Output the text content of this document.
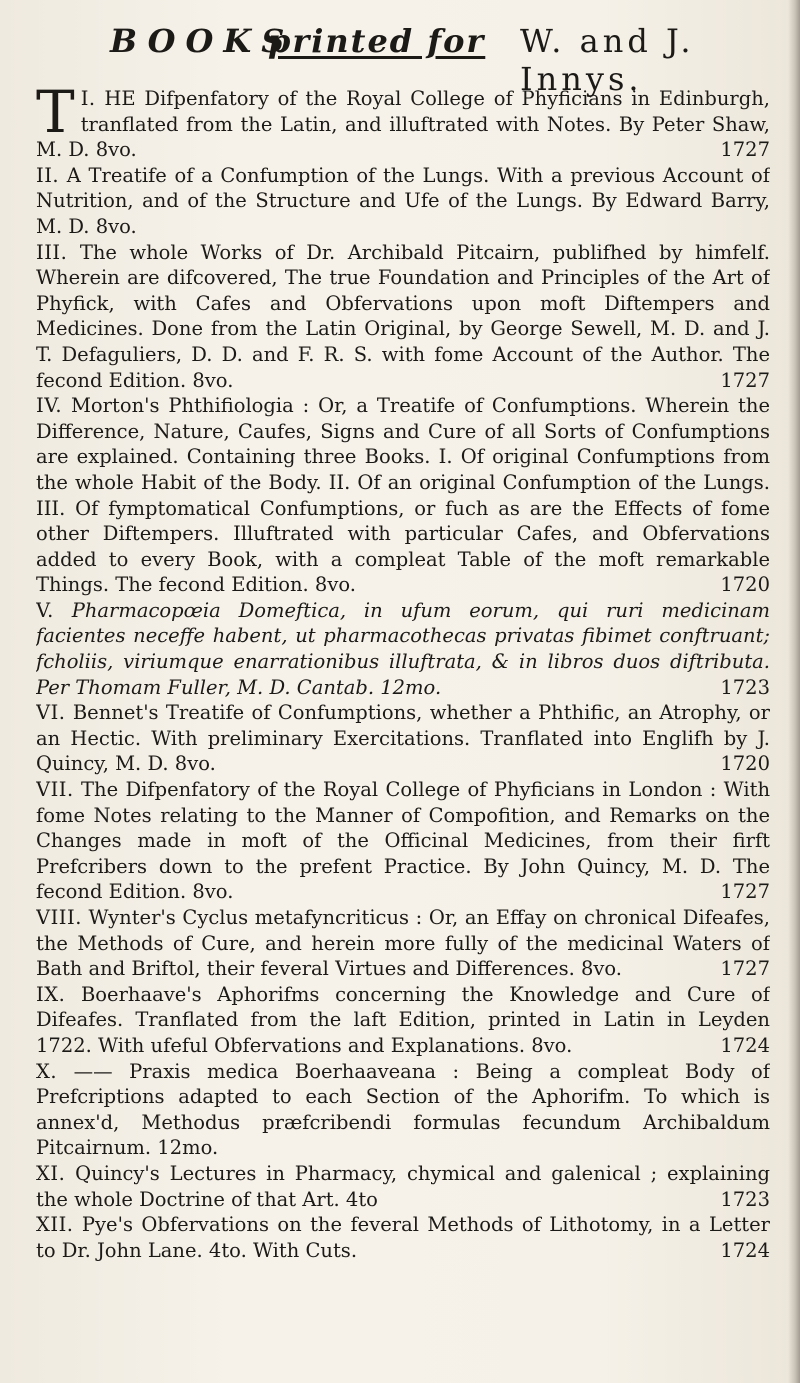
BOOKS
printed for W. and J. Innys.

I.
T HE Difpenfatory of the Royal College of Phyficians in Edinburgh, tranflated from the Latin, and illuftrated with Notes. By Peter Shaw, M. D. 8vo.	1727

II. A Treatife of a Confumption of the Lungs. With a previous Account of Nutrition, and of the Structure and Ufe of the Lungs. By Edward Barry, M. D. 8vo.

III. The whole Works of Dr. Archibald Pitcairn, publifhed by himfelf. Wherein are difcovered, The true Foundation and Principles of the Art of Phyfick, with Cafes and Obfervations upon moft Diftempers and Medicines. Done from the Latin Original, by George Sewell, M. D. and J. T. Defaguliers, D. D. and F. R. S. with fome Account of the Author. The fecond Edition. 8vo.	1727

IV. Morton's Phthifiologia : Or, a Treatife of Confumptions. Wherein the Difference, Nature, Caufes, Signs and Cure of all Sorts of Confumptions are explained. Containing three Books. I. Of original Confumptions from the whole Habit of the Body. II. Of an original Confumption of the Lungs. III. Of fymptomatical Confumptions, or fuch as are the Effects of fome other Diftempers. Illuftrated with particular Cafes, and Obfervations added to every Book, with a compleat Table of the moft remarkable Things. The fecond Edition. 8vo.	1720

V. Pharmacopœia Domeftica, in ufum eorum, qui ruri medicinam facientes neceffe habent, ut pharmacothecas privatas fibimet conftruant; fcholiis, viriumque enarrationibus illuftrata, & in libros duos diftributa. Per Thomam Fuller, M. D. Cantab. 12mo.	1723

VI. Bennet's Treatife of Confumptions, whether a Phthific, an Atrophy, or an Hectic. With preliminary Exercitations. Tranflated into Englifh by J. Quincy, M. D. 8vo.	1720

VII. The Difpenfatory of the Royal College of Phyficians in London : With fome Notes relating to the Manner of Compofition, and Remarks on the Changes made in moft of the Officinal Medicines, from their firft Prefcribers down to the prefent Practice. By John Quincy, M. D. The fecond Edition. 8vo.	1727

VIII. Wynter's Cyclus metafyncriticus : Or, an Effay on chronical Difeafes, the Methods of Cure, and herein more fully of the medicinal Waters of Bath and Briftol, their feveral Virtues and Differences. 8vo.	1727

IX. Boerhaave's Aphorifms concerning the Knowledge and Cure of Difeafes. Tranflated from the laft Edition, printed in Latin in Leyden 1722. With ufeful Obfervations and Explanations. 8vo.	1724

X. —— Praxis medica Boerhaaveana : Being a compleat Body of Prefcriptions adapted to each Section of the Aphorifm. To which is annex'd, Methodus præfcribendi formulas fecundum Archibaldum Pitcairnum. 12mo.

XI. Quincy's Lectures in Pharmacy, chymical and galenical ; explaining the whole Doctrine of that Art. 4to	1723

XII. Pye's Obfervations on the feveral Methods of Lithotomy, in a Letter to Dr. John Lane. 4to. With Cuts.	1724
